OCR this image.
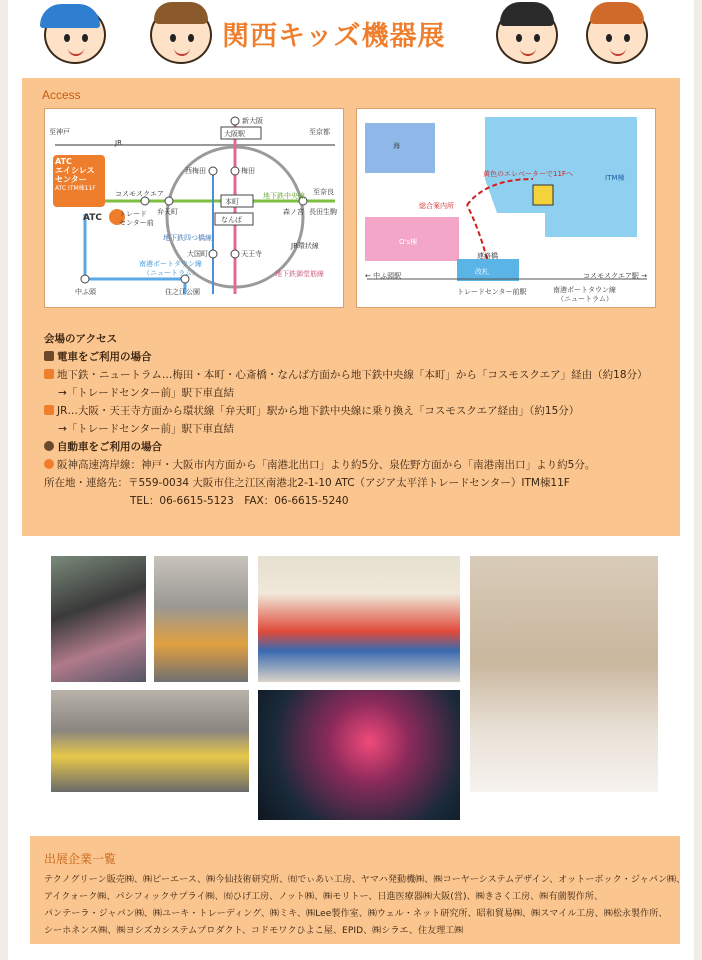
関西キッズ機器展
Access
新大阪
大阪駅
至神戸	至京都
JR
西梅田	梅田
至奈良
コスモスクエア	地下鉄中央線
本町
弁天町	森ノ宮 長田生駒
トレード
センター前
地下鉄四つ橋線
なんば
大国町	天王寺
JR環状線
南港ポートタウン線
（ニュートラム）	地下鉄御堂筋線
中ふ頭	住之江公園
ATC
エイシレス
センター
ATC ITM棟11F
ATC
海
ITM棟
黄色のエレベーターで11Fへ
総合案内所
O's棟
連絡橋
改札
← 中ふ頭駅	コスモスクエア駅 →
トレードセンター前駅	南港ポートタウン線
（ニュートラム）
会場のアクセス
電車をご利用の場合
地下鉄・ニュートラム…梅田・本町・心斎橋・なんば方面から地下鉄中央線「本町」から「コスモスクエア」経由（約18分）
→「トレードセンター前」駅下車直結
JR…大阪・天王寺方面から環状線「弁天町」駅から地下鉄中央線に乗り換え「コスモスクエア経由」（約15分）
→「トレードセンター前」駅下車直結
自動車をご利用の場合
阪神高速湾岸線：神戸・大阪市内方面から「南港北出口」より約5分、泉佐野方面から「南港南出口」より約5分。
所在地・連絡先：〒559-0034 大阪市住之江区南港北2-1-10 ATC（アジア太平洋トレードセンター）ITM棟11F
TEL：06-6615-5123　FAX：06-6615-5240
出展企業一覧
テクノグリーン販売㈱、㈱ピーエース、㈱今仙技術研究所、㈲でぃあい工房、ヤマハ発動機㈱、㈱コーヤーシステムデザイン、オットーボック・ジャパン㈱、
アイクォーク㈱、パシフィックサプライ㈱、㈲ひげ工房、ノット㈱、㈱モリトー、日進医療器㈱大阪(営)、㈱きさく工房、㈱有薗製作所、
パンテーラ・ジャパン㈱、㈱ユーキ・トレーディング、㈱ミキ、㈱Lee製作室、㈱ウェル・ネット研究所、昭和貿易㈱、㈱スマイル工房、㈱松永製作所、
シーホネンス㈱、㈱ヨシズカシステムプロダクト、コドモワクひよこ屋、EPID、㈱シラエ、住友理工㈱
